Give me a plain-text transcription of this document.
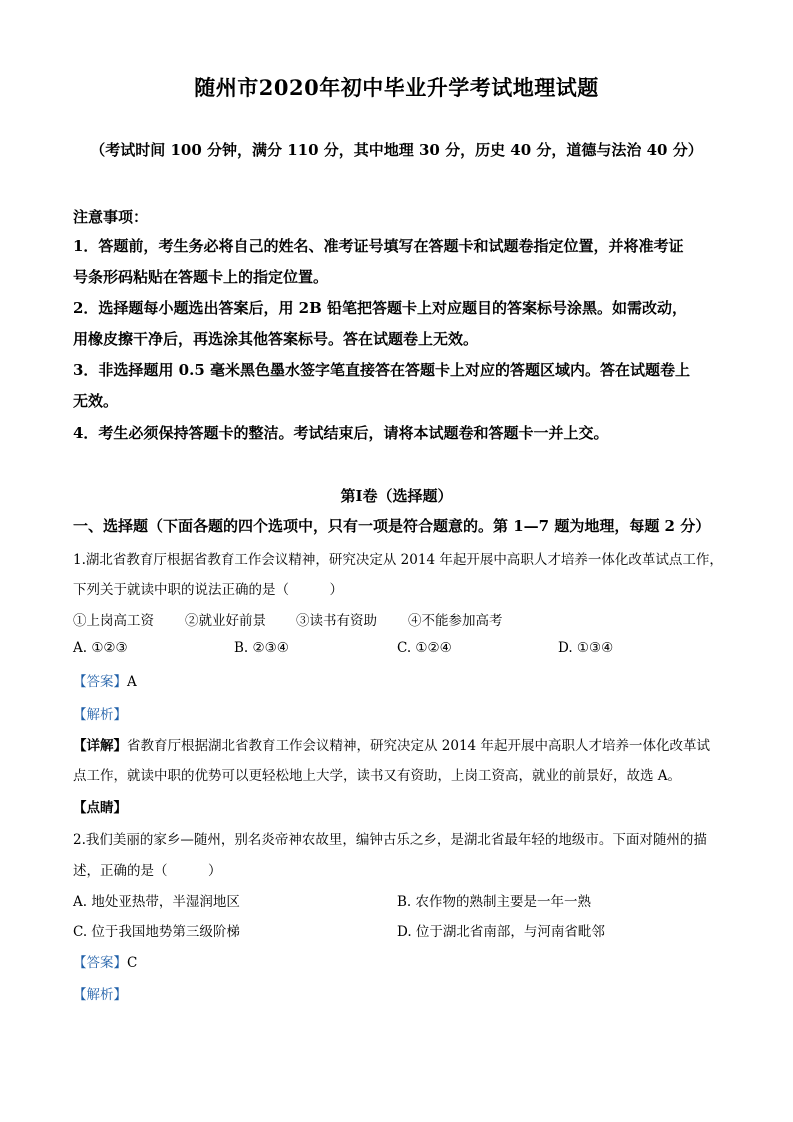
随州市2020年初中毕业升学考试地理试题
（考试时间 100 分钟，满分 110 分，其中地理 30 分，历史 40 分，道德与法治 40 分）
注意事项：
1．答题前，考生务必将自己的姓名、准考证号填写在答题卡和试题卷指定位置，并将准考证
号条形码粘贴在答题卡上的指定位置。
2．选择题每小题选出答案后，用 2B 铅笔把答题卡上对应题目的答案标号涂黑。如需改动，
用橡皮擦干净后，再选涂其他答案标号。答在试题卷上无效。
3．非选择题用 0.5 毫米黑色墨水签字笔直接答在答题卡上对应的答题区域内。答在试题卷上
无效。
4．考生必须保持答题卡的整洁。考试结束后，请将本试题卷和答题卡一并上交。
第Ⅰ卷（选择题）
一、选择题（下面各题的四个选项中，只有一项是符合题意的。第 1—7 题为地理，每题 2 分）
1.湖北省教育厅根据省教育工作会议精神，研究决定从 2014 年起开展中高职人才培养一体化改革试点工作，
下列关于就读中职的说法正确的是（　　　）
①上岗高工资 ②就业好前景 ③读书有资助 ④不能参加高考
A. ①②③	B. ②③④	C. ①②④	D. ①③④
【答案】A
【解析】
【详解】省教育厅根据湖北省教育工作会议精神，研究决定从 2014 年起开展中高职人才培养一体化改革试
点工作，就读中职的优势可以更轻松地上大学，读书又有资助，上岗工资高，就业的前景好，故选 A。
【点睛】
2.我们美丽的家乡—随州，别名炎帝神农故里，编钟古乐之乡，是湖北省最年轻的地级市。下面对随州的描
述，正确的是（　　　）
A. 地处亚热带，半湿润地区	B. 农作物的熟制主要是一年一熟
C. 位于我国地势第三级阶梯	D. 位于湖北省南部，与河南省毗邻
【答案】C
【解析】
